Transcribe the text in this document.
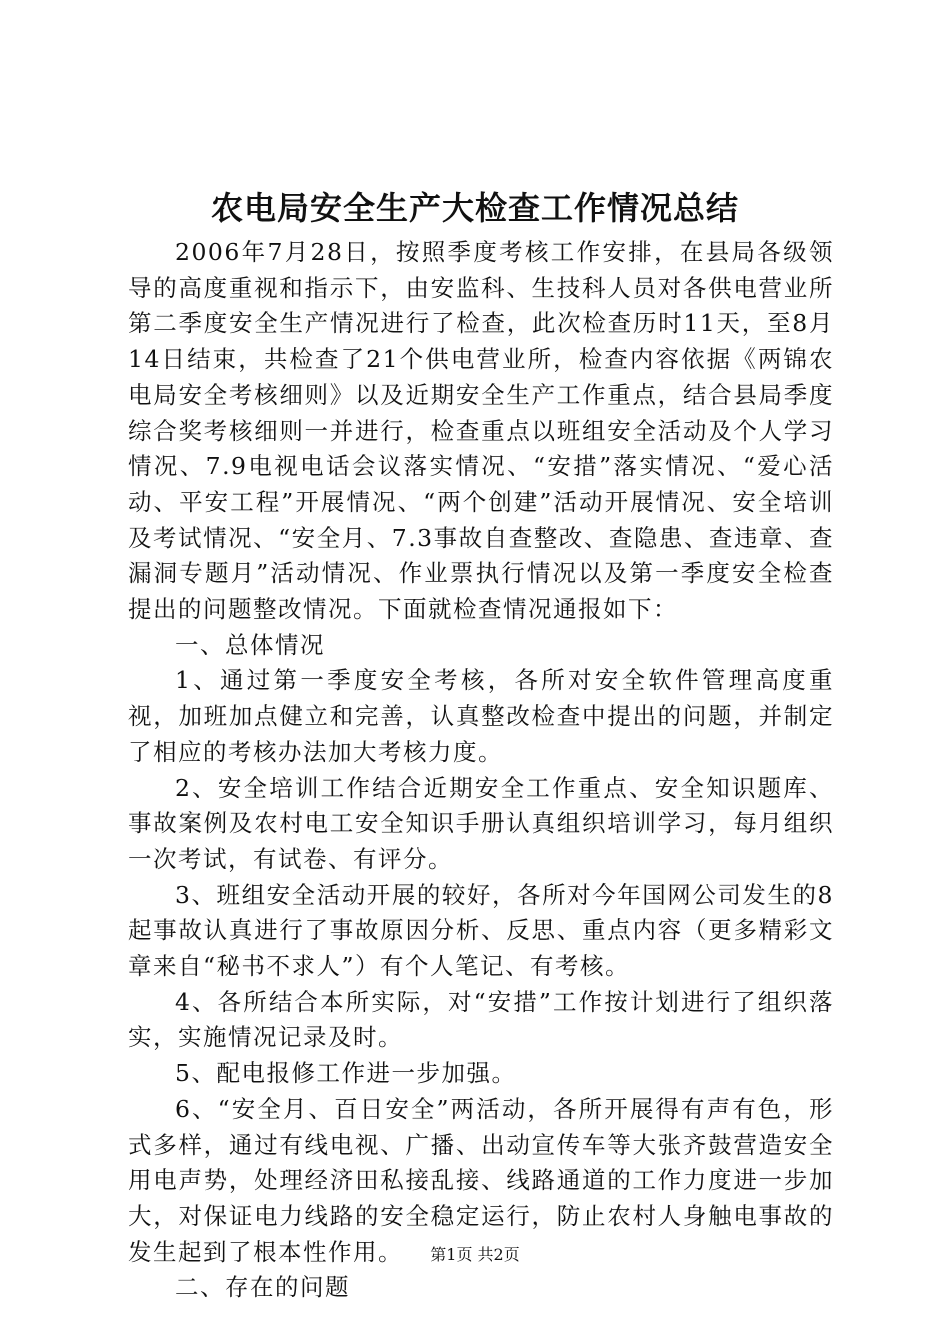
农电局安全生产大检查工作情况总结

2006年7月28日，按照季度考核工作安排，在县局各级领导的高度重视和指示下，由安监科、生技科人员对各供电营业所第二季度安全生产情况进行了检查，此次检查历时11天，至8月14日结束，共检查了21个供电营业所，检查内容依据《两锦农电局安全考核细则》以及近期安全生产工作重点，结合县局季度综合奖考核细则一并进行，检查重点以班组安全活动及个人学习情况、7.9电视电话会议落实情况、“安措”落实情况、“爱心活动、平安工程”开展情况、“两个创建”活动开展情况、安全培训及考试情况、“安全月、7.3事故自查整改、查隐患、查违章、查漏洞专题月”活动情况、作业票执行情况以及第一季度安全检查提出的问题整改情况。下面就检查情况通报如下：

一、总体情况

1、通过第一季度安全考核，各所对安全软件管理高度重视，加班加点健立和完善，认真整改检查中提出的问题，并制定了相应的考核办法加大考核力度。

2、安全培训工作结合近期安全工作重点、安全知识题库、事故案例及农村电工安全知识手册认真组织培训学习，每月组织一次考试，有试卷、有评分。

3、班组安全活动开展的较好，各所对今年国网公司发生的8起事故认真进行了事故原因分析、反思、重点内容（更多精彩文章来自“秘书不求人”）有个人笔记、有考核。

4、各所结合本所实际，对“安措”工作按计划进行了组织落实，实施情况记录及时。

5、配电报修工作进一步加强。

6、“安全月、百日安全”两活动，各所开展得有声有色，形式多样，通过有线电视、广播、出动宣传车等大张齐鼓营造安全用电声势，处理经济田私接乱接、线路通道的工作力度进一步加大，对保证电力线路的安全稳定运行，防止农村人身触电事故的发生起到了根本性作用。

二、存在的问题

第1页 共2页
